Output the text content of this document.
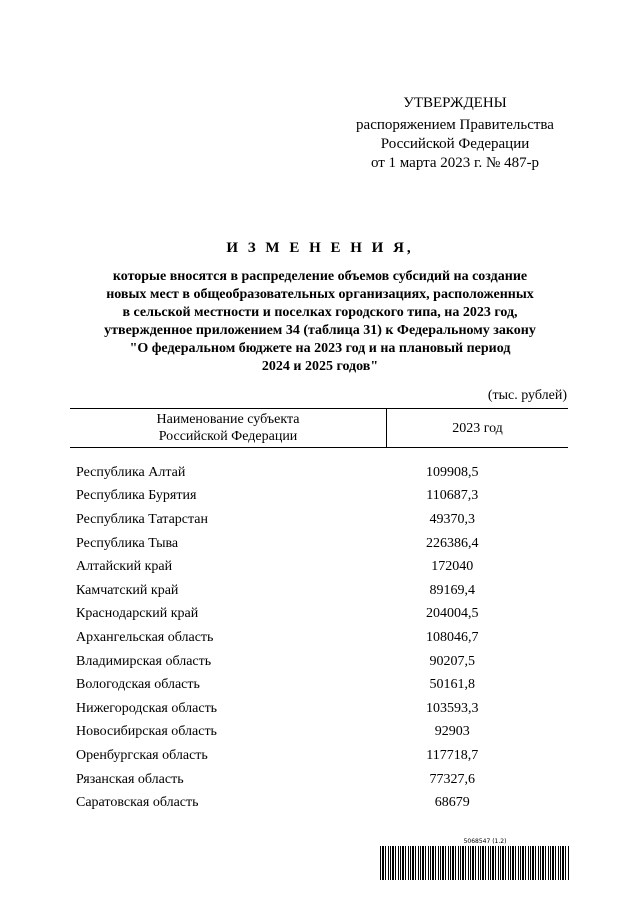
УТВЕРЖДЕНЫ
распоряжением Правительства
Российской Федерации
от 1 марта 2023 г. № 487-р
И З М Е Н Е Н И Я,
которые вносятся в распределение объемов субсидий на создание
новых мест в общеобразовательных организациях, расположенных
в сельской местности и поселках городского типа, на 2023 год,
утвержденное приложением 34 (таблица 31) к Федеральному закону
"О федеральном бюджете на 2023 год и на плановый период
2024 и 2025 годов"
(тыс. рублей)
Наименование субъекта
Российской Федерации	2023 год

Республика Алтай	109908,5
Республика Бурятия	110687,3
Республика Татарстан	49370,3
Республика Тыва	226386,4
Алтайский край	172040
Камчатский край	89169,4
Краснодарский край	204004,5
Архангельская область	108046,7
Владимирская область	90207,5
Вологодская область	50161,8
Нижегородская область	103593,3
Новосибирская область	92903
Оренбургская область	117718,7
Рязанская область	77327,6
Саратовская область	68679
5068547 (1.2)
